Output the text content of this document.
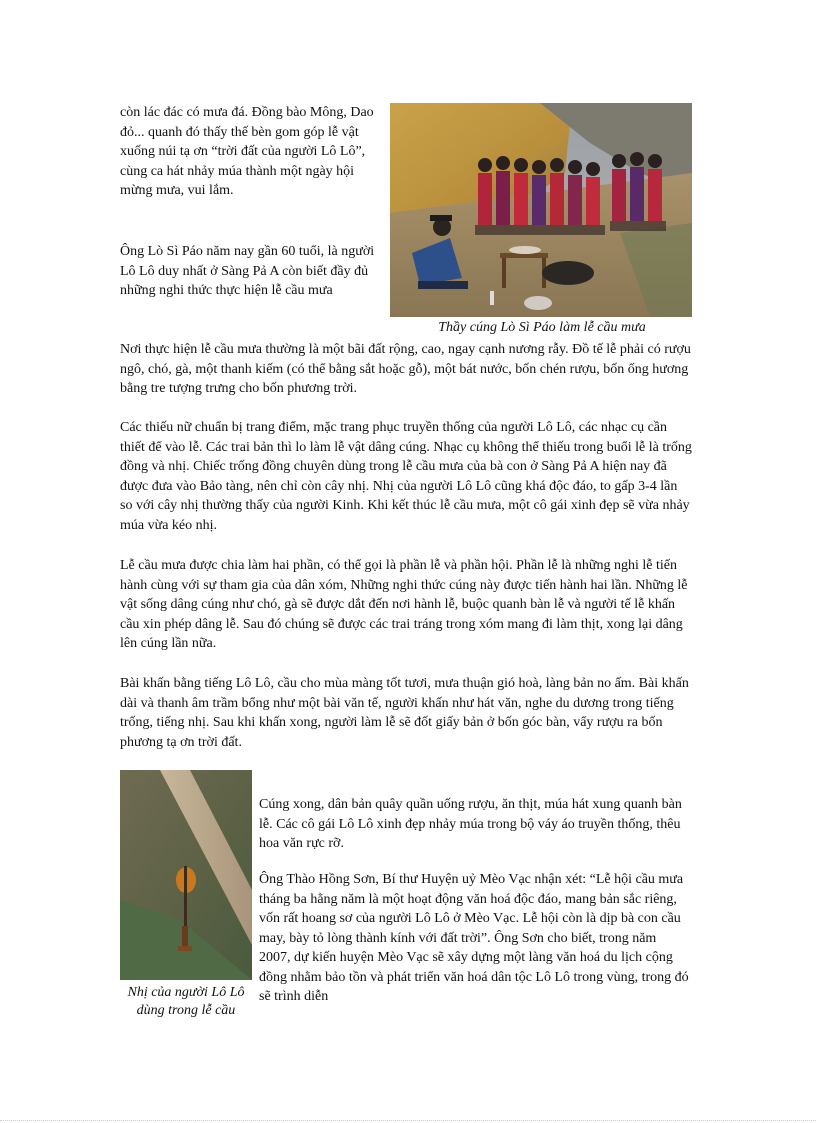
còn lác đác có mưa đá. Đồng bào Mông, Dao đỏ... quanh đó thấy thế bèn gom góp lễ vật xuống núi tạ ơn “trời đất của người Lô Lô”, cùng ca hát nhảy múa thành một ngày hội mừng mưa, vui lắm.

Ông Lò Sì Páo năm nay gần 60 tuổi, là người Lô Lô duy nhất ở Sàng Pả A còn biết đầy đủ những nghi thức thực hiện lễ cầu mưa

Thầy cúng Lò Sì Páo làm lễ cầu mưa

Nơi thực hiện lễ cầu mưa thường là một bãi đất rộng, cao, ngay cạnh nương rẫy. Đồ tế lễ phải có rượu ngô, chó, gà, một thanh kiếm (có thể bằng sắt hoặc gỗ), một bát nước, bốn chén rượu, bốn ống hương bằng tre tượng trưng cho bốn phương trời.

Các thiếu nữ chuẩn bị trang điểm, mặc trang phục truyền thống của người Lô Lô, các nhạc cụ cần thiết để vào lễ. Các trai bản thì lo làm lễ vật dâng cúng. Nhạc cụ không thể thiếu trong buổi lễ là trống đồng và nhị. Chiếc trống đồng chuyên dùng trong lễ cầu mưa của bà con ở Sàng Pả A hiện nay đã được đưa vào Bảo tàng, nên chỉ còn cây nhị. Nhị của người Lô Lô cũng khá độc đáo, to gấp 3-4 lần so với cây nhị thường thấy của người Kinh. Khi kết thúc lễ cầu mưa, một cô gái xinh đẹp sẽ vừa nhảy múa vừa kéo nhị.

Lễ cầu mưa được chia làm hai phần, có thể gọi là phần lễ và phần hội. Phần lễ là những nghi lễ tiến hành cùng với sự tham gia của dân xóm, Những nghi thức cúng này được tiến hành hai lần. Những lễ vật sống dâng cúng như chó, gà sẽ được dắt đến nơi hành lễ, buộc quanh bàn lễ và người tế lễ khấn cầu xin phép dâng lễ. Sau đó chúng sẽ được các trai tráng trong xóm mang đi làm thịt, xong lại dâng lên cúng lần nữa.

Bài khấn bằng tiếng Lô Lô, cầu cho mùa màng tốt tươi, mưa thuận gió hoà, làng bản no ấm. Bài khấn dài và thanh âm trầm bổng như một bài văn tế, người khấn như hát văn, nghe du dương trong tiếng trống, tiếng nhị. Sau khi khấn xong, người làm lễ sẽ đốt giấy bản ở bốn góc bàn, vẩy rượu ra bốn phương tạ ơn trời đất.

Nhị của người Lô Lô dùng trong lễ cầu

Cúng xong, dân bản quây quần uống rượu, ăn thịt, múa hát xung quanh bàn lễ. Các cô gái Lô Lô xinh đẹp nhảy múa trong bộ váy áo truyền thống, thêu hoa văn rực rỡ.

Ông Thào Hồng Sơn, Bí thư Huyện uỷ Mèo Vạc nhận xét: “Lễ hội cầu mưa tháng ba hằng năm là một hoạt động văn hoá độc đáo, mang bản sắc riêng, vốn rất hoang sơ của người Lô Lô ở Mèo Vạc. Lễ hội còn là dịp bà con cầu may, bày tỏ lòng thành kính với đất trời”. Ông Sơn cho biết, trong năm 2007, dự kiến huyện Mèo Vạc sẽ xây dựng một làng văn hoá du lịch cộng đồng nhằm bảo tồn và phát triển văn hoá dân tộc Lô Lô trong vùng, trong đó sẽ trình diễn
